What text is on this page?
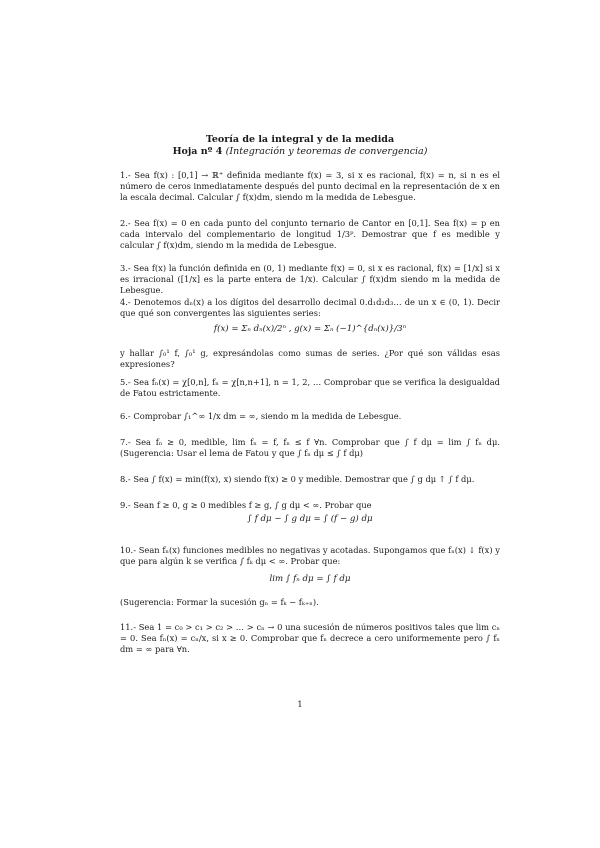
Teoría de la integral y de la medida
Hoja nº 4 (Integración y teoremas de convergencia)
1.- Sea f(x) : [0,1] → ℝ⁺ definida mediante f(x) = 3, si x es racional, f(x) = n, si n es el número de ceros inmediatamente después del punto decimal en la representación de x en la escala decimal. Calcular ∫ f(x)dm, siendo m la medida de Lebesgue.
2.- Sea f(x) = 0 en cada punto del conjunto ternario de Cantor en [0,1]. Sea f(x) = p en cada intervalo del complementario de longitud 1/3ᵖ. Demostrar que f es medible y calcular ∫ f(x)dm, siendo m la medida de Lebesgue.
3.- Sea f(x) la función definida en (0, 1) mediante f(x) = 0, si x es racional, f(x) = [1/x] si x es irracional ([1/x] es la parte entera de 1/x). Calcular ∫ f(x)dm siendo m la medida de Lebesgue.
4.- Denotemos dₙ(x) a los dígitos del desarrollo decimal 0.d₁d₂d₃… de un x ∈ (0, 1). Decir que qué son convergentes las siguientes series:
f(x) = Σₙ dₙ(x)/2ⁿ , g(x) = Σₙ (−1)^{dₙ(x)}/3ⁿ
y hallar ∫₀¹ f, ∫₀¹ g, expresándolas como sumas de series. ¿Por qué son válidas esas expresiones?
5.- Sea fₙ(x) = χ[0,n], fₙ = χ[n,n+1], n = 1, 2, … Comprobar que se verifica la desigualdad de Fatou estrictamente.
6.- Comprobar ∫₁^∞ 1/x dm = ∞, siendo m la medida de Lebesgue.
7.- Sea fₙ ≥ 0, medible, lim fₙ = f, fₙ ≤ f ∀n. Comprobar que ∫ f dμ = lim ∫ fₙ dμ. (Sugerencia: Usar el lema de Fatou y que ∫ fₙ dμ ≤ ∫ f dμ)
8.- Sea ∫ f(x) = min(f(x), x) siendo f(x) ≥ 0 y medible. Demostrar que ∫ g dμ ↑ ∫ f dμ.
9.- Sean f ≥ 0, g ≥ 0 medibles f ≥ g, ∫ g dμ < ∞. Probar que
∫ f dμ − ∫ g dμ = ∫ (f − g) dμ
10.- Sean fₙ(x) funciones medibles no negativas y acotadas. Supongamos que fₙ(x) ↓ f(x) y que para algún k se verifica ∫ fₖ dμ < ∞. Probar que:
lim ∫ fₙ dμ = ∫ f dμ
(Sugerencia: Formar la sucesión gₙ = fₖ − fₖ₊ₙ).
11.- Sea 1 = c₀ > c₁ > c₂ > … > cₙ → 0 una sucesión de números positivos tales que lim cₙ = 0. Sea fₙ(x) = cₙ/x, si x ≥ 0. Comprobar que fₙ decrece a cero uniformemente pero ∫ fₙ dm = ∞ para ∀n.
1
